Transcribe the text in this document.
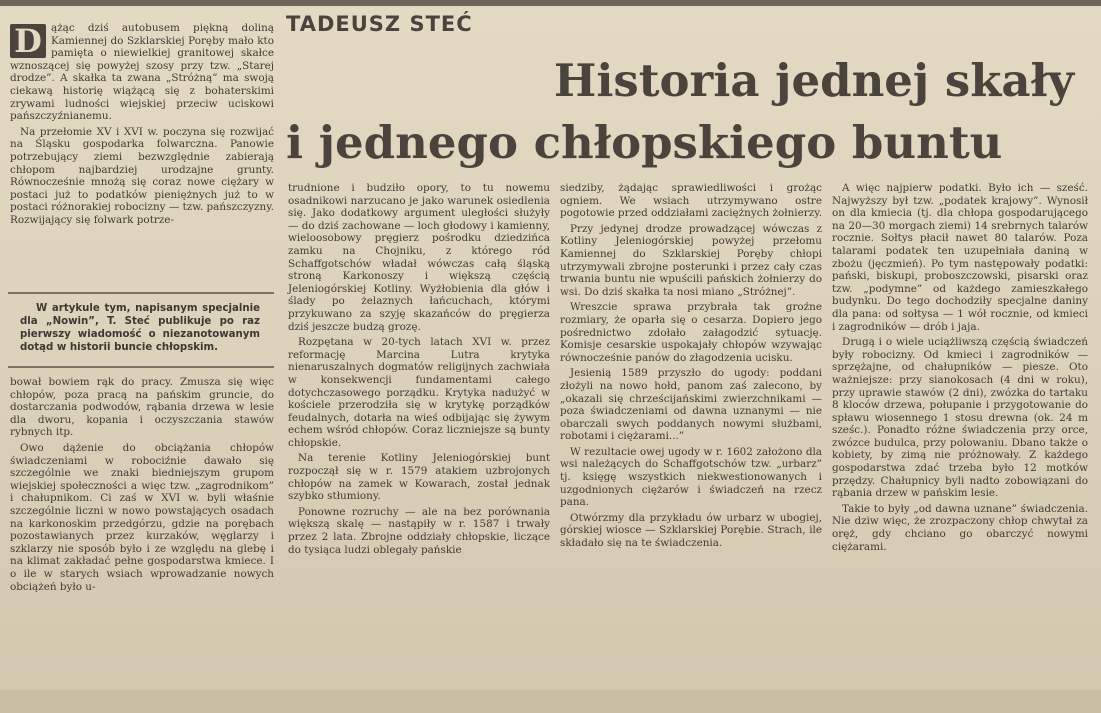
D ążąc dziś autobusem piękną doliną Kamiennej do Szklarskiej Poręby mało kto pamięta o niewielkiej granitowej skałce wznoszącej się powyżej szosy przy tzw. „Starej drodze”. A skałka ta zwana „Stróżną” ma swoją ciekawą historię wiążącą się z bohaterskimi zrywami ludności wiejskiej przeciw uciskowi pańszczyźnianemu.

Na przełomie XV i XVI w. poczyna się rozwijać na Śląsku gospodarka folwarczna. Panowie potrzebujący ziemi bezwzględnie zabierają chłopom najbardziej urodzajne grunty. Równocześnie mnożą się coraz nowe ciężary w postaci już to podatków pieniężnych już to w postaci różnorakiej robocizny — tzw. pańszczyzny. Rozwijający się folwark potrze-

W artykule tym, napisanym specjalnie dla „Nowin”, T. Steć publikuje po raz pierwszy wiadomość o niezanotowanym dotąd w historii buncie chłopskim.

bował bowiem rąk do pracy. Zmusza się więc chłopów, poza pracą na pańskim gruncie, do dostarczania podwodów, rąbania drzewa w lesie dla dworu, kopania i oczyszczania stawów rybnych itp.

Owo dążenie do obciążania chłopów świadczeniami w robociźnie dawało się szczególnie we znaki biedniejszym grupom wiejskiej społeczności a więc tzw. „zagrodnikom” i chałupnikom. Ci zaś w XVI w. byli właśnie szczególnie liczni w nowo powstających osadach na karkonoskim przedgórzu, gdzie na porębach pozostawianych przez kurzaków, węglarzy i szklarzy nie sposób było i ze względu na glebę i na klimat zakładać pełne gospodarstwa kmiece. I o ile w starych wsiach wprowadzanie nowych obciążeń było u-

TADEUSZ STEĆ
Historia jednej skały
i jednego chłopskiego buntu

trudnione i budziło opory, to tu nowemu osadnikowi narzucano je jako warunek osiedlenia się. Jako dodatkowy argument uległości służyły — do dziś zachowane — loch głodowy i kamienny, wieloosobowy pręgierz pośrodku dziedzińca zamku na Chojniku, z którego ród Schaffgotschów władał wówczas całą śląską stroną Karkonoszy i większą częścią Jeleniogórskiej Kotliny. Wyżłobienia dla głów i ślady po żelaznych łańcuchach, którymi przykuwano za szyję skazańców do pręgierza dziś jeszcze budzą grozę.

Rozpętana w 20-tych latach XVI w. przez reformację Marcina Lutra krytyka nienaruszalnych dogmatów religijnych zachwiała w konsekwencji fundamentami całego dotychczasowego porządku. Krytyka nadużyć w kościele przerodziła się w krytykę porządków feudalnych, dotarła na wieś odbijając się żywym echem wśród chłopów. Coraz liczniejsze są bunty chłopskie.

Na terenie Kotliny Jeleniogórskiej bunt rozpoczął się w r. 1579 atakiem uzbrojonych chłopów na zamek w Kowarach, został jednak szybko stłumiony.

Ponowne rozruchy — ale na bez porównania większą skalę — nastąpiły w r. 1587 i trwały przez 2 lata. Zbrojne oddziały chłopskie, liczące do tysiąca ludzi oblegały pańskie

siedziby, żądając sprawiedliwości i grożąc ogniem. We wsiach utrzymywano ostre pogotowie przed oddziałami zaciężnych żołnierzy.

Przy jedynej drodze prowadzącej wówczas z Kotliny Jeleniogórskiej powyżej przełomu Kamiennej do Szklarskiej Poręby chłopi utrzymywali zbrojne posterunki i przez cały czas trwania buntu nie wpuścili pańskich żołnierzy do wsi. Do dziś skałka ta nosi miano „Stróżnej”.

Wreszcie sprawa przybrała tak groźne rozmiary, że oparła się o cesarza. Dopiero jego pośrednictwo zdołało załagodzić sytuację. Komisje cesarskie uspokajały chłopów wzywając równocześnie panów do złagodzenia ucisku.

Jesienią 1589 przyszło do ugody: poddani złożyli na nowo hołd, panom zaś zalecono, by „okazali się chrześcijańskimi zwierzchnikami — poza świadczeniami od dawna uznanymi — nie obarczali swych poddanych nowymi służbami, robotami i ciężarami...”

W rezultacie owej ugody w r. 1602 założono dla wsi należących do Schaffgotschów tzw. „urbarz” tj. księgę wszystkich niekwestionowanych i uzgodnionych ciężarów i świadczeń na rzecz pana.

Otwórzmy dla przykładu ów urbarz w ubogiej, górskiej wiosce — Szklarskiej Porębie. Strach, ile składało się na te świadczenia.

A więc najpierw podatki. Było ich — sześć. Najwyższy był tzw. „podatek krajowy”. Wynosił on dla kmiecia (tj. dla chłopa gospodarującego na 20—30 morgach ziemi) 14 srebrnych talarów rocznie. Sołtys płacił nawet 80 talarów. Poza talarami podatek ten uzupełniała daniną w zbożu (jęczmień). Po tym następowały podatki: pański, biskupi, proboszczowski, pisarski oraz tzw. „podymne” od każdego zamieszkałego budynku. Do tego dochodziły specjalne daniny dla pana: od sołtysa — 1 wół rocznie, od kmieci i zagrodników — drób i jaja.

Drugą i o wiele uciążliwszą częścią świadczeń były robocizny. Od kmieci i zagrodników — sprzężajne, od chałupników — piesze. Oto ważniejsze: przy sianokosach (4 dni w roku), przy uprawie stawów (2 dni), zwózka do tartaku 8 kloców drzewa, połupanie i przygotowanie do spławu wiosennego 1 stosu drewna (ok. 24 m sześc.). Ponadto różne świadczenia przy orce, zwózce budulca, przy polowaniu. Dbano także o kobiety, by zimą nie próżnowały. Z każdego gospodarstwa zdać trzeba było 12 motków przędzy. Chałupnicy byli nadto zobowiązani do rąbania drzew w pańskim lesie.

Takie to były „od dawna uznane” świadczenia. Nie dziw więc, że zrozpaczony chłop chwytał za oręż, gdy chciano go obarczyć nowymi ciężarami.
